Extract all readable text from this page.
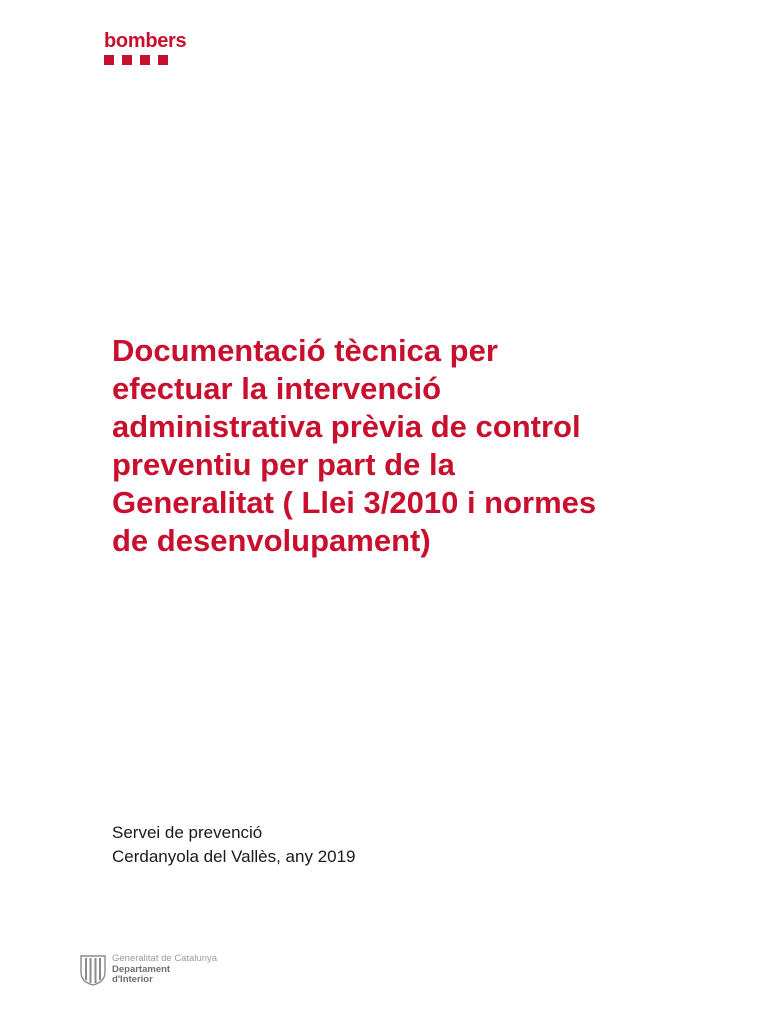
bombers
Documentació tècnica per
efectuar la intervenció
administrativa prèvia de control
preventiu per part de la
Generalitat ( Llei 3/2010 i normes
de desenvolupament)
Servei de prevenció
Cerdanyola del Vallès, any 2019
Generalitat de Catalunya
Departament
d'Interior
